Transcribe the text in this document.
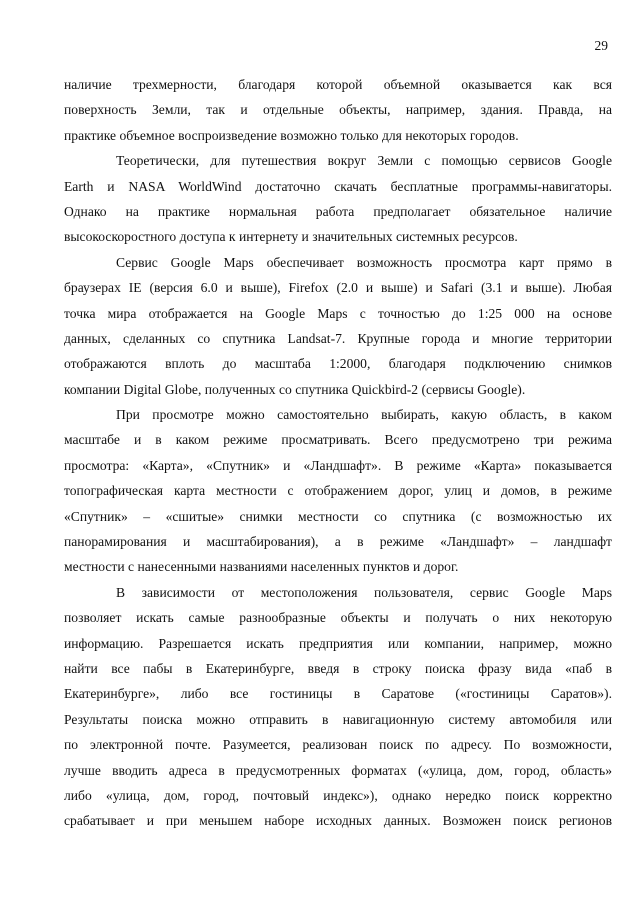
29
наличие трехмерности, благодаря которой объемной оказывается как вся
поверхность Земли, так и отдельные объекты, например, здания. Правда, на
практике объемное воспроизведение возможно только для некоторых городов.
Теоретически, для путешествия вокруг Земли с помощью сервисов Google
Earth и NASA WorldWind достаточно скачать бесплатные программы-навигаторы.
Однако на практике нормальная работа предполагает обязательное наличие
высокоскоростного доступа к интернету и значительных системных ресурсов.
Сервис Google Maps обеспечивает возможность просмотра карт прямо в
браузерах IE (версия 6.0 и выше), Firefox (2.0 и выше) и Safari (3.1 и выше). Любая
точка мира отображается на Google Maps с точностью до 1:25 000 на основе
данных, сделанных со спутника Landsat-7. Крупные города и многие территории
отображаются вплоть до масштаба 1:2000, благодаря подключению снимков
компании Digital Globe, полученных со спутника Quickbird-2 (сервисы Google).
При просмотре можно самостоятельно выбирать, какую область, в каком
масштабе и в каком режиме просматривать. Всего предусмотрено три режима
просмотра: «Карта», «Спутник» и «Ландшафт». В режиме «Карта» показывается
топографическая карта местности с отображением дорог, улиц и домов, в режиме
«Спутник» – «сшитые» снимки местности со спутника (с возможностью их
панорамирования и масштабирования), а в режиме «Ландшафт» – ландшафт
местности с нанесенными названиями населенных пунктов и дорог.
В зависимости от местоположения пользователя, сервис Google Maps
позволяет искать самые разнообразные объекты и получать о них некоторую
информацию. Разрешается искать предприятия или компании, например, можно
найти все пабы в Екатеринбурге, введя в строку поиска фразу вида «паб в
Екатеринбурге», либо все гостиницы в Саратове («гостиницы Саратов»).
Результаты поиска можно отправить в навигационную систему автомобиля или
по электронной почте. Разумеется, реализован поиск по адресу. По возможности,
лучше вводить адреса в предусмотренных форматах («улица, дом, город, область»
либо «улица, дом, город, почтовый индекс»), однако нередко поиск корректно
срабатывает и при меньшем наборе исходных данных. Возможен поиск регионов
